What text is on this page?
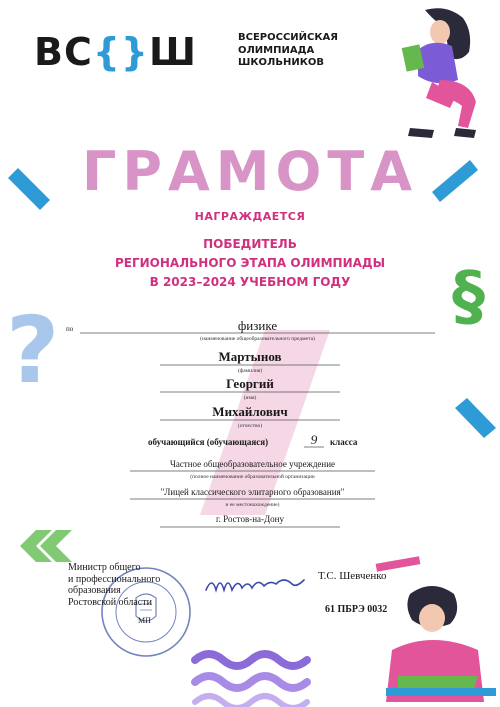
?
§
ВС{}Ш	ВСЕРОССИЙСКАЯ
ОЛИМПИАДА
ШКОЛЬНИКОВ
ГРАМОТА
НАГРАЖДАЕТСЯ
ПОБЕДИТЕЛЬ
РЕГИОНАЛЬНОГО ЭТАПА ОЛИМПИАДЫ
В 2023–2024 УЧЕБНОМ ГОДУ
по	физике
(наименование общеобразовательного предмета)
Мартынов
(фамилия)
Георгий
(имя)
Михайлович
(отчество)
обучающийся (обучающаяся)	9	класса
Частное общеобразовательное учреждение
(полное наименование образовательной организации
"Лицей классического элитарного образования"
и ее местонахождение)
г. Ростов-на-Дону
Министр общего
и профессионального
образования
Ростовской области
МП
Т.С. Шевченко
61 ПБРЭ 0032
